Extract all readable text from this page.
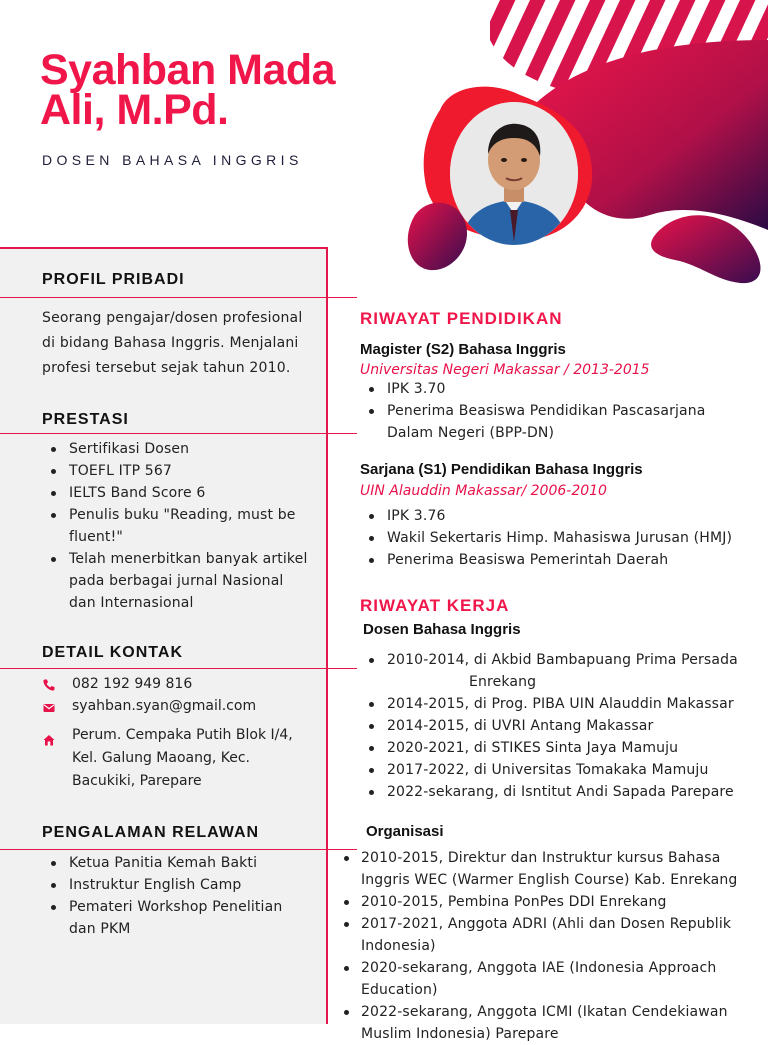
Syahban Mada
Ali, M.Pd.
DOSEN BAHASA INGGRIS
PROFIL PRIBADI
Seorang pengajar/dosen profesional
di bidang Bahasa Inggris. Menjalani
profesi tersebut sejak tahun 2010.
PRESTASI
Sertifikasi Dosen
TOEFL ITP 567
IELTS Band Score 6
Penulis buku "Reading, must be fluent!"
Telah menerbitkan banyak artikel pada berbagai jurnal Nasional dan Internasional
DETAIL KONTAK
082 192 949 816
syahban.syan@gmail.com
Perum. Cempaka Putih Blok I/4, Kel. Galung Maoang, Kec. Bacukiki, Parepare
PENGALAMAN RELAWAN
Ketua Panitia Kemah Bakti
Instruktur English Camp
Pemateri Workshop Penelitian dan PKM
RIWAYAT PENDIDIKAN
Magister (S2) Bahasa Inggris
Universitas Negeri Makassar / 2013-2015
IPK 3.70
Penerima Beasiswa Pendidikan Pascasarjana Dalam Negeri (BPP-DN)
Sarjana (S1) Pendidikan Bahasa Inggris
UIN Alauddin Makassar/ 2006-2010
IPK 3.76
Wakil Sekertaris Himp. Mahasiswa Jurusan (HMJ)
Penerima Beasiswa Pemerintah Daerah
RIWAYAT KERJA
Dosen Bahasa Inggris
2010-2014, di Akbid Bambapuang Prima Persada
Enrekang
2014-2015, di Prog. PIBA UIN Alauddin Makassar
2014-2015, di UVRI Antang Makassar
2020-2021, di STIKES Sinta Jaya Mamuju
2017-2022, di Universitas Tomakaka Mamuju
2022-sekarang, di Isntitut Andi Sapada Parepare
Organisasi
2010-2015, Direktur dan Instruktur kursus Bahasa Inggris WEC (Warmer English Course) Kab. Enrekang
2010-2015, Pembina PonPes DDI Enrekang
2017-2021, Anggota ADRI (Ahli dan Dosen Republik Indonesia)
2020-sekarang, Anggota IAE (Indonesia Approach Education)
2022-sekarang, Anggota ICMI (Ikatan Cendekiawan Muslim Indonesia) Parepare
